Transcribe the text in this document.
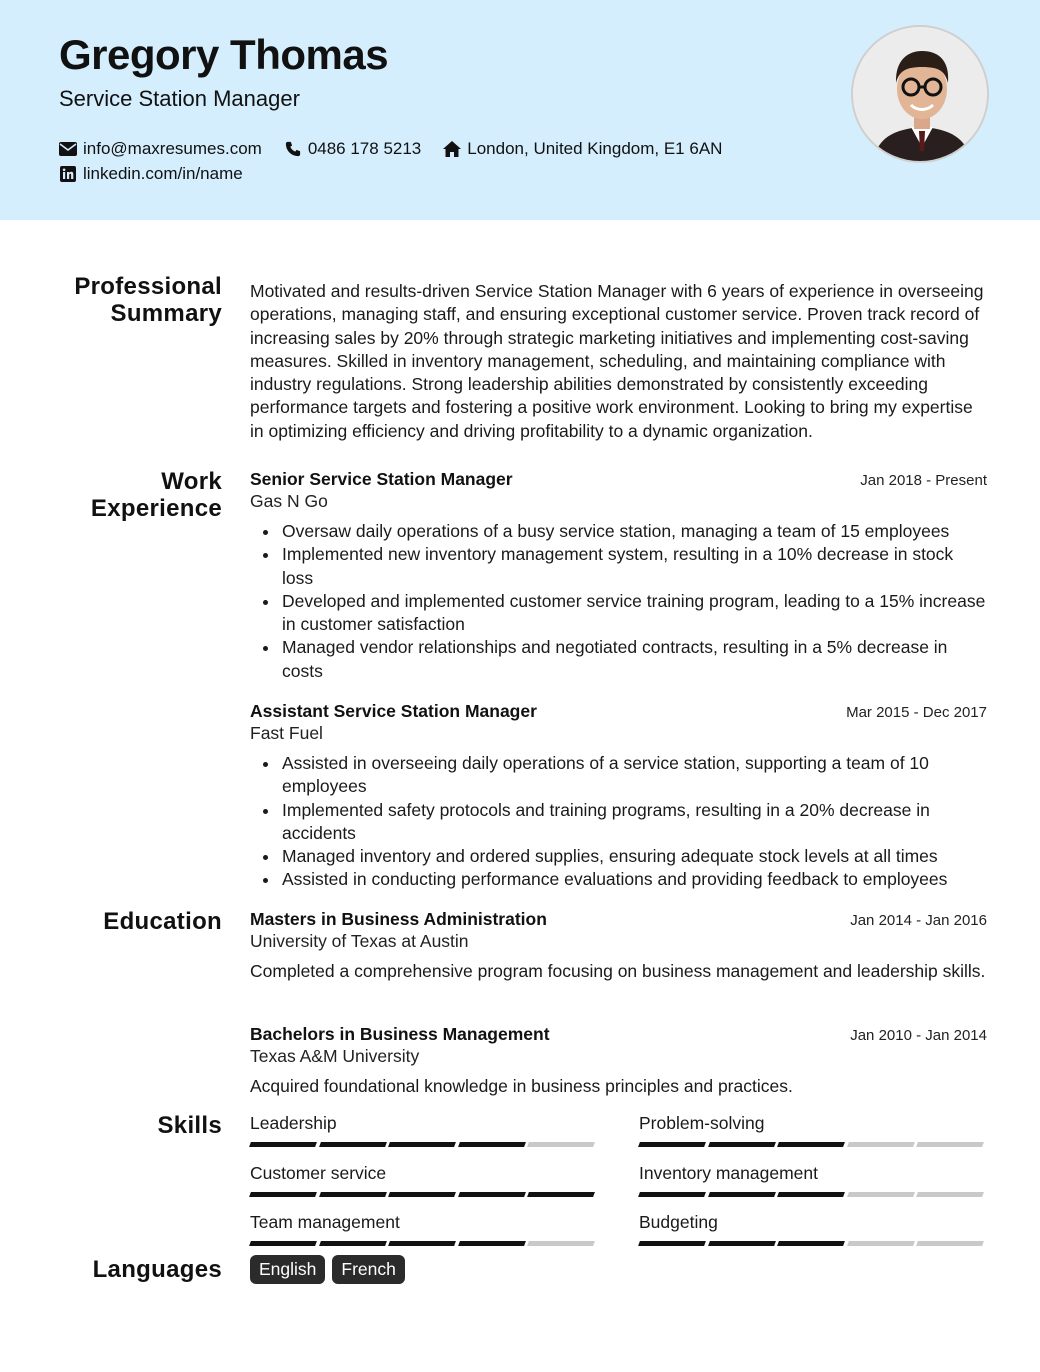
Gregory Thomas
Service Station Manager
info@maxresumes.com	0486 178 5213	London, United Kingdom, E1 6AN
linkedin.com/in/name
Professional Summary
Work Experience
Education
Skills
Languages

Motivated and results-driven Service Station Manager with 6 years of experience in overseeing operations, managing staff, and ensuring exceptional customer service. Proven track record of increasing sales by 20% through strategic marketing initiatives and implementing cost-saving measures. Skilled in inventory management, scheduling, and maintaining compliance with industry regulations. Strong leadership abilities demonstrated by consistently exceeding performance targets and fostering a positive work environment. Looking to bring my expertise in optimizing efficiency and driving profitability to a dynamic organization.

Senior Service Station Manager	Jan 2018 - Present
Gas N Go
Oversaw daily operations of a busy service station, managing a team of 15 employees
Implemented new inventory management system, resulting in a 10% decrease in stock loss
Developed and implemented customer service training program, leading to a 15% increase in customer satisfaction
Managed vendor relationships and negotiated contracts, resulting in a 5% decrease in costs
Assistant Service Station Manager	Mar 2015 - Dec 2017
Fast Fuel
Assisted in overseeing daily operations of a service station, supporting a team of 10 employees
Implemented safety protocols and training programs, resulting in a 20% decrease in accidents
Managed inventory and ordered supplies, ensuring adequate stock levels at all times
Assisted in conducting performance evaluations and providing feedback to employees
Masters in Business Administration	Jan 2014 - Jan 2016
University of Texas at Austin

Completed a comprehensive program focusing on business management and leadership skills.

Bachelors in Business Management	Jan 2010 - Jan 2014
Texas A&M University

Acquired foundational knowledge in business principles and practices.

Leadership	Problem-solving
Customer service	Inventory management
Team management	Budgeting
English	French
